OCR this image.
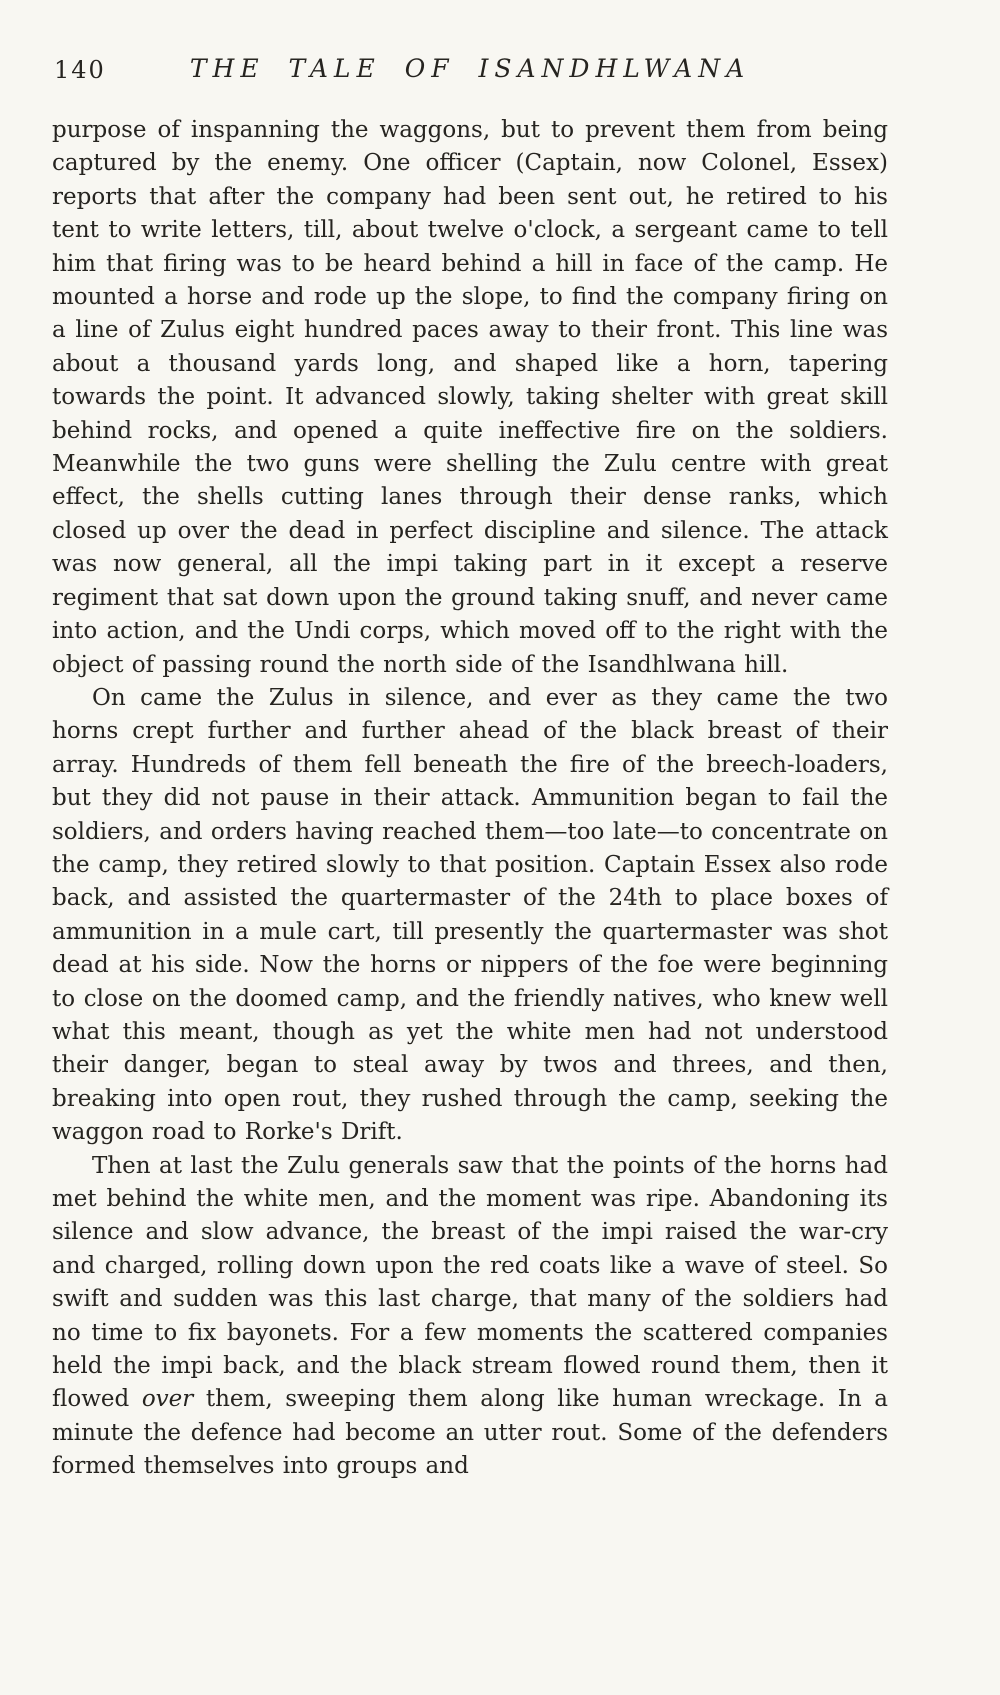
140	THE TALE OF ISANDHLWANA

purpose of inspanning the waggons, but to prevent them from being captured by the enemy. One officer (Captain, now Colonel, Essex) reports that after the company had been sent out, he retired to his tent to write letters, till, about twelve o'clock, a sergeant came to tell him that firing was to be heard behind a hill in face of the camp. He mounted a horse and rode up the slope, to find the company firing on a line of Zulus eight hundred paces away to their front. This line was about a thousand yards long, and shaped like a horn, tapering towards the point. It advanced slowly, taking shelter with great skill behind rocks, and opened a quite ineffective fire on the soldiers. Meanwhile the two guns were shelling the Zulu centre with great effect, the shells cutting lanes through their dense ranks, which closed up over the dead in perfect discipline and silence. The attack was now general, all the impi taking part in it except a reserve regiment that sat down upon the ground taking snuff, and never came into action, and the Undi corps, which moved off to the right with the object of passing round the north side of the Isandhlwana hill.

On came the Zulus in silence, and ever as they came the two horns crept further and further ahead of the black breast of their array. Hundreds of them fell beneath the fire of the breech-loaders, but they did not pause in their attack. Ammunition began to fail the soldiers, and orders having reached them—too late—to concentrate on the camp, they retired slowly to that position. Captain Essex also rode back, and assisted the quartermaster of the 24th to place boxes of ammunition in a mule cart, till presently the quartermaster was shot dead at his side. Now the horns or nippers of the foe were beginning to close on the doomed camp, and the friendly natives, who knew well what this meant, though as yet the white men had not understood their danger, began to steal away by twos and threes, and then, breaking into open rout, they rushed through the camp, seeking the waggon road to Rorke's Drift.

Then at last the Zulu generals saw that the points of the horns had met behind the white men, and the moment was ripe. Abandoning its silence and slow advance, the breast of the impi raised the war-cry and charged, rolling down upon the red coats like a wave of steel. So swift and sudden was this last charge, that many of the soldiers had no time to fix bayonets. For a few moments the scattered companies held the impi back, and the black stream flowed round them, then it flowed over them, sweeping them along like human wreckage. In a minute the defence had become an utter rout. Some of the defenders formed themselves into groups and
